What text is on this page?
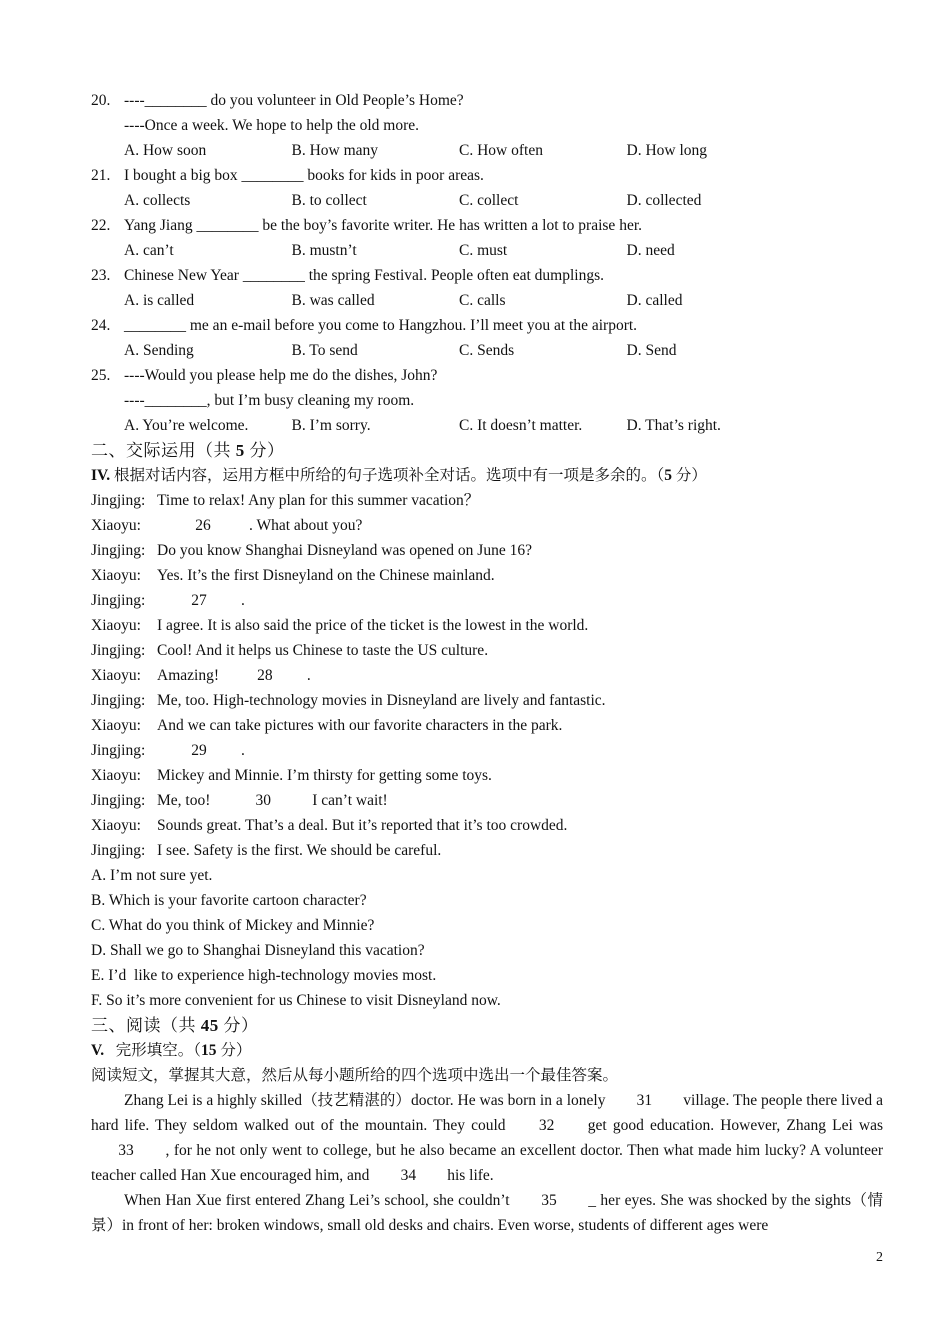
20. ----________ do you volunteer in Old People’s Home?
----Once a week. We hope to help the old more.
A. How soon	B. How many	C. How often	D. How long
21. I bought a big box ________ books for kids in poor areas.
A. collects	B. to collect	C. collect	D. collected
22. Yang Jiang ________ be the boy’s favorite writer. He has written a lot to praise her.
A. can’t	B. mustn’t	C. must	D. need
23. Chinese New Year ________ the spring Festival. People often eat dumplings.
A. is called	B. was called	C. calls	D. called
24. ________ me an e-mail before you come to Hangzhou. I’ll meet you at the airport.
A. Sending	B. To send	C. Sends	D. Send
25. ----Would you please help me do the dishes, John?
----________, but I’m busy cleaning my room.
A. You’re welcome.	B. I’m sorry.	C. It doesn’t matter.	D. That’s right.
二、交际运用（共 5 分）
IV. 根据对话内容，运用方框中所给的句子选项补全对话。选项中有一项是多余的。（5 分）
Jingjing: Time to relax! Any plan for this summer vacation？
Xiaoyu:	26 . What about you?
Jingjing: Do you know Shanghai Disneyland was opened on June 16?
Xiaoyu:	Yes. It’s the first Disneyland on the Chinese mainland.
Jingjing:	27 .
Xiaoyu:	I agree. It is also said the price of the ticket is the lowest in the world.
Jingjing: Cool! And it helps us Chinese to taste the US culture.
Xiaoyu:	Amazing! 28 .
Jingjing: Me, too. High-technology movies in Disneyland are lively and fantastic.
Xiaoyu:	And we can take pictures with our favorite characters in the park.
Jingjing:	29 .
Xiaoyu:	Mickey and Minnie. I’m thirsty for getting some toys.
Jingjing: Me, too!	30	I can’t wait!
Xiaoyu:	Sounds great. That’s a deal. But it’s reported that it’s too crowded.
Jingjing: I see. Safety is the first. We should be careful.
A. I’m not sure yet.
B. Which is your favorite cartoon character?
C. What do you think of Mickey and Minnie?
D. Shall we go to Shanghai Disneyland this vacation?
E. I’d  like to experience high-technology movies most.
F. So it’s more convenient for us Chinese to visit Disneyland now.
三、阅读（共 45 分）
V.   完形填空。（15 分）
阅读短文，掌握其大意，然后从每小题所给的四个选项中选出一个最佳答案。
Zhang Lei is a highly skilled（技艺精湛的）doctor. He was born in a lonely 31 village. The people there lived a hard life. They seldom walked out of the mountain. They could 32 get good education. However, Zhang Lei was 33 , for he not only went to college, but he also became an excellent doctor. Then what made him lucky? A volunteer teacher called Han Xue encouraged him, and 34 his life.
When Han Xue first entered Zhang Lei’s school, she couldn’t 35 _ her eyes. She was shocked by the sights（情景）in front of her: broken windows, small old desks and chairs. Even worse, students of different ages were
2
